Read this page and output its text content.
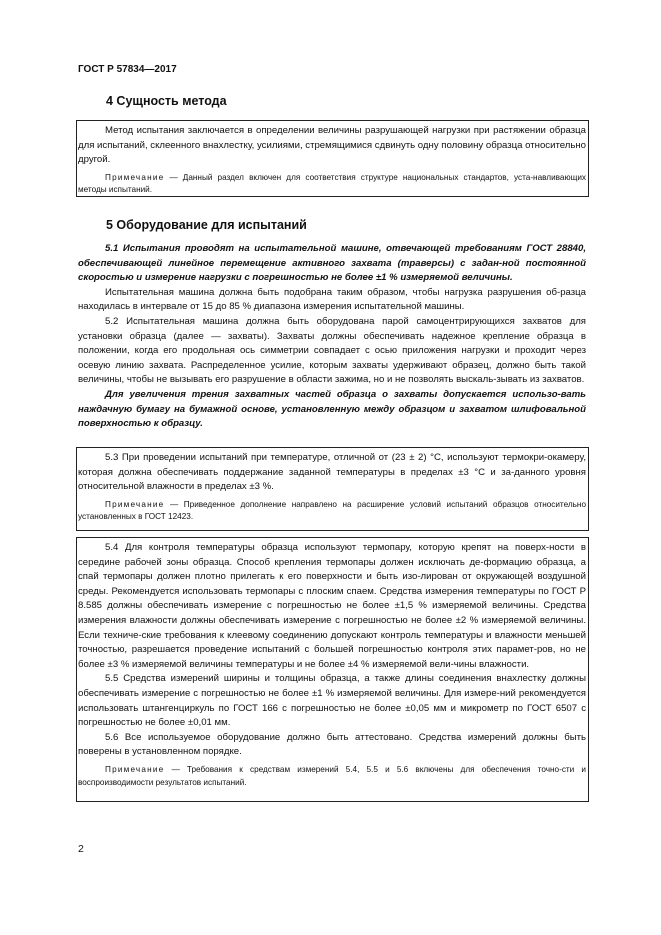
ГОСТ Р 57834—2017
4 Сущность метода

Метод испытания заключается в определении величины разрушающей нагрузки при растяжении образца для испытаний, склеенного внахлестку, усилиями, стремящимися сдвинуть одну половину образца относительно другой.

Примечание — Данный раздел включен для соответствия структуре национальных стандартов, уста-навливающих методы испытаний.

5 Оборудование для испытаний

5.1 Испытания проводят на испытательной машине, отвечающей требованиям ГОСТ 28840, обеспечивающей линейное перемещение активного захвата (траверсы) с задан-ной постоянной скоростью и измерение нагрузки с погрешностью не более ±1 % измеряемой величины.

Испытательная машина должна быть подобрана таким образом, чтобы нагрузка разрушения об-разца находилась в интервале от 15 до 85 % диапазона измерения испытательной машины.

5.2 Испытательная машина должна быть оборудована парой самоцентрирующихся захватов для установки образца (далее — захваты). Захваты должны обеспечивать надежное крепление образца в положении, когда его продольная ось симметрии совпадает с осью приложения нагрузки и проходит через осевую линию захвата. Распределенное усилие, которым захваты удерживают образец, должно быть такой величины, чтобы не вызывать его разрушение в области зажима, но и не позволять выскаль-зывать из захватов.

Для увеличения трения захватных частей образца о захваты допускается использо-вать наждачную бумагу на бумажной основе, установленную между образцом и захватом шлифовальной поверхностью к образцу.

5.3 При проведении испытаний при температуре, отличной от (23 ± 2) °С, используют термокри-окамеру, которая должна обеспечивать поддержание заданной температуры в пределах ±3 °С и за-данного уровня относительной влажности в пределах ±3 %.

Примечание — Приведенное дополнение направлено на расширение условий испытаний образцов относительно установленных в ГОСТ 12423.

5.4 Для контроля температуры образца используют термопару, которую крепят на поверх-ности в середине рабочей зоны образца. Способ крепления термопары должен исключать де-формацию образца, а спай термопары должен плотно прилегать к его поверхности и быть изо-лирован от окружающей воздушной среды. Рекомендуется использовать термопары с плоским спаем. Средства измерения температуры по ГОСТ Р 8.585 должны обеспечивать измерение с погрешностью не более ±1,5 % измеряемой величины. Средства измерения влажности должны обеспечивать измерение с погрешностью не более ±2 % измеряемой величины. Если техниче-ские требования к клеевому соединению допускают контроль температуры и влажности меньшей точностью, разрешается проведение испытаний с большей погрешностью контроля этих парамет-ров, но не более ±3 % измеряемой величины температуры и не более ±4 % измеряемой вели-чины влажности.

5.5 Средства измерений ширины и толщины образца, а также длины соединения внахлестку должны обеспечивать измерение с погрешностью не более ±1 % измеряемой величины. Для измере-ний рекомендуется использовать штангенциркуль по ГОСТ 166 с погрешностью не более ±0,05 мм и микрометр по ГОСТ 6507 с погрешностью не более ±0,01 мм.

5.6 Все используемое оборудование должно быть аттестовано. Средства измерений должны быть поверены в установленном порядке.

Примечание — Требования к средствам измерений 5.4, 5.5 и 5.6 включены для обеспечения точно-сти и воспроизводимости результатов испытаний.

2
